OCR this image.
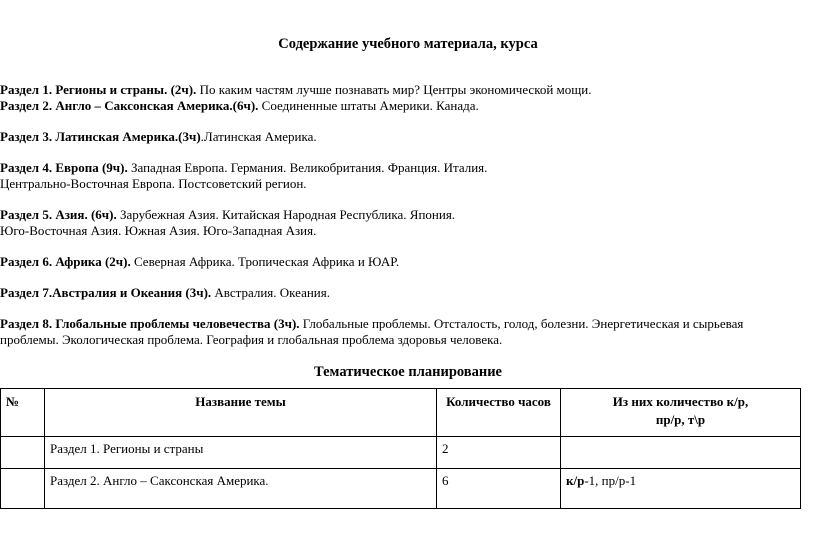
Содержание учебного материала, курса

Раздел 1. Регионы и страны. (2ч). По каким частям лучше познавать мир? Центры экономической мощи.

Раздел 2. Англо – Саксонская Америка.(6ч). Соединенные штаты Америки. Канада.

Раздел 3. Латинская Америка.(3ч).Латинская Америка.

Раздел 4. Европа (9ч). Западная Европа. Германия. Великобритания. Франция. Италия.
Центрально-Восточная Европа. Постсоветский регион.

Раздел 5. Азия. (6ч). Зарубежная Азия. Китайская Народная Республика. Япония.
Юго-Восточная Азия. Южная Азия. Юго-Западная Азия.

Раздел 6. Африка (2ч). Северная Африка. Тропическая Африка и ЮАР.

Раздел 7.Австралия и Океания (3ч). Австралия. Океания.

Раздел 8. Глобальные проблемы человечества (3ч). Глобальные проблемы. Отсталость, голод, болезни. Энергетическая и сырьевая
проблемы. Экологическая проблема. География и глобальная проблема здоровья человека.

Тематическое планирование
№	Название темы	Количество часов	Из них количество к/р,
пр/р, т\р
	Раздел 1. Регионы и страны	2	
	Раздел 2. Англо – Саксонская Америка.	6	к/р-1, пр/р-1
